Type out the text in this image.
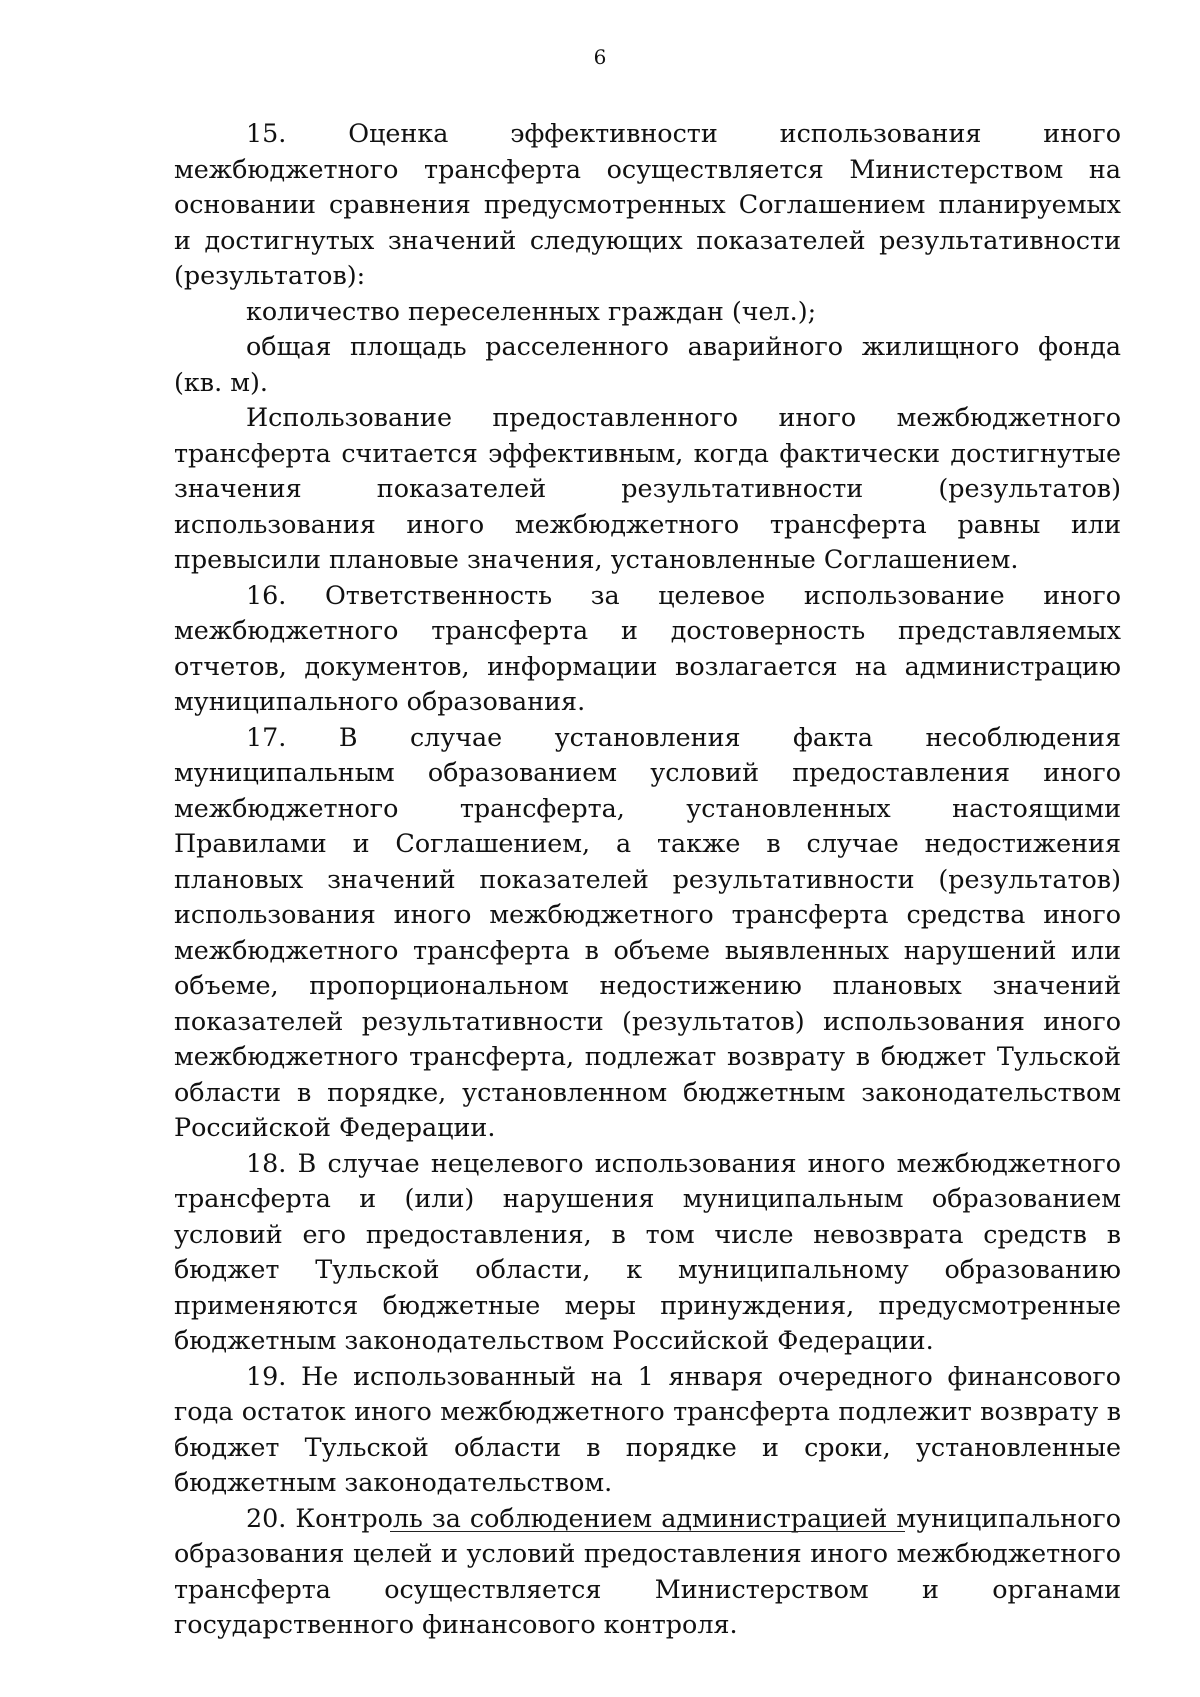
6

15. Оценка эффективности использования иного межбюджетного трансферта осуществляется Министерством на основании сравнения предусмотренных Соглашением планируемых и достигнутых значений следующих показателей результативности (результатов):

количество переселенных граждан (чел.);

общая площадь расселенного аварийного жилищного фонда (кв. м).

Использование предоставленного иного межбюджетного трансферта считается эффективным, когда фактически достигнутые значения показателей результативности (результатов) использования иного межбюджетного трансферта равны или превысили плановые значения, установленные Соглашением.

16. Ответственность за целевое использование иного межбюджетного трансферта и достоверность представляемых отчетов, документов, информации возлагается на администрацию муниципального образования.

17. В случае установления факта несоблюдения муниципальным образованием условий предоставления иного межбюджетного трансферта, установленных настоящими Правилами и Соглашением, а также в случае недостижения плановых значений показателей результативности (результатов) использования иного межбюджетного трансферта средства иного межбюджетного трансферта в объеме выявленных нарушений или объеме, пропорциональном недостижению плановых значений показателей результативности (результатов) использования иного межбюджетного трансферта, подлежат возврату в бюджет Тульской области в порядке, установленном бюджетным законодательством Российской Федерации.

18. В случае нецелевого использования иного межбюджетного трансферта и (или) нарушения муниципальным образованием условий его предоставления, в том числе невозврата средств в бюджет Тульской области, к муниципальному образованию применяются бюджетные меры принуждения, предусмотренные бюджетным законодательством Российской Федерации.

19. Не использованный на 1 января очередного финансового года остаток иного межбюджетного трансферта подлежит возврату в бюджет Тульской области в порядке и сроки, установленные бюджетным законодательством.

20. Контроль за соблюдением администрацией муниципального образования целей и условий предоставления иного межбюджетного трансферта осуществляется Министерством и органами государственного финансового контроля.
